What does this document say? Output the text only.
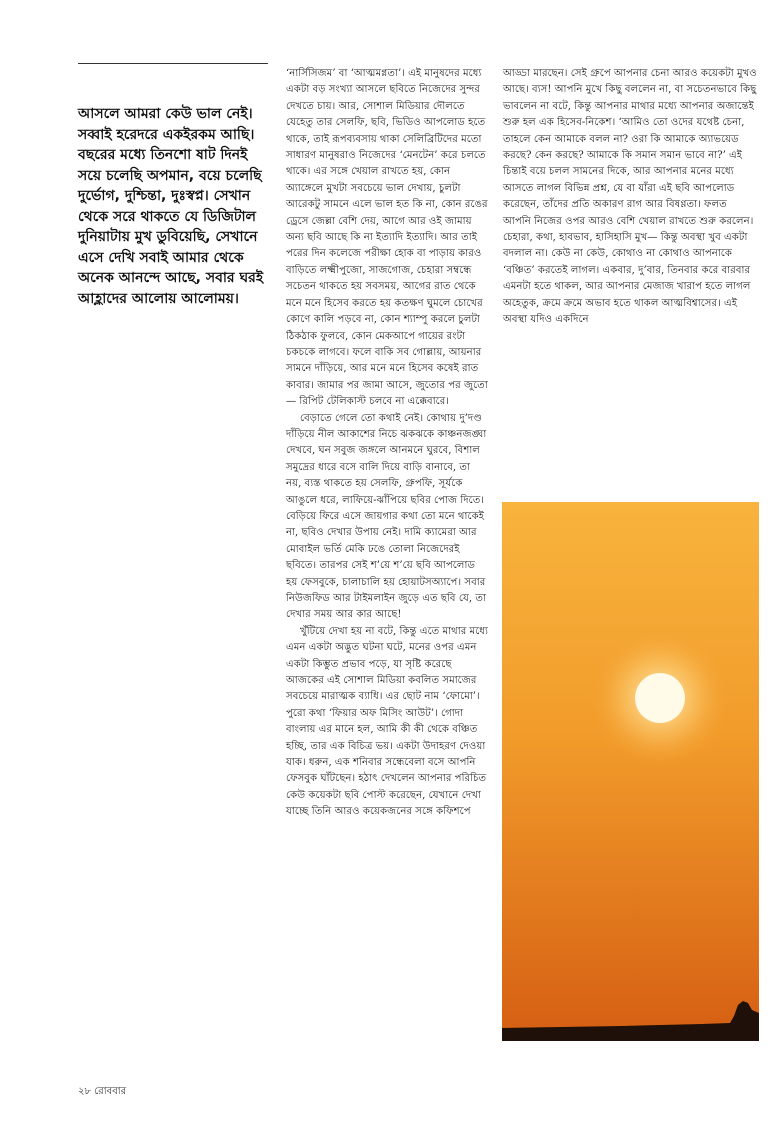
আসলে আমরা কেউ ভাল নেই। সব্বাই হরেদরে একইরকম আছি। বছরের মধ্যে তিনশো ষাট দিনই সয়ে চলেছি অপমান, বয়ে চলেছি দুর্ভোগ, দুশ্চিন্তা, দুঃস্বপ্ন। সেখান থেকে সরে থাকতে যে ডিজিটাল দুনিয়াটায় মুখ ডুবিয়েছি, সেখানে এসে দেখি সবাই আমার থেকে অনেক আনন্দে আছে, সবার ঘরই আহ্লাদের আলোয় আলোময়।

‘নার্সিসিজম’ বা ‘আত্মমগ্নতা’। এই মানুষদের মধ্যে একটা বড় সংখ্যা আসলে ছবিতে নিজেদের সুন্দর দেখতে চায়। আর, সোশাল মিডিয়ার দৌলতে যেহেতু তার সেলফি, ছবি, ভিডিও আপলোড হতে থাকে, তাই রূপব্যবসায় থাকা সেলিব্রিটিদের মতো সাধারণ মানুষরাও নিজেদের ‘মেনটেন’ করে চলতে থাকে। এর সঙ্গে খেয়াল রাখতে হয়, কোন অ্যাঙ্গেলে মুখটা সবচেয়ে ভাল দেখায়, চুলটা আরেকটু সামনে এলে ভাল হত কি না, কোন রঙের ড্রেসে জেল্লা বেশি দেয়, আগে আর ওই জামায় অন্য ছবি আছে কি না ইত্যাদি ইত্যাদি। আর তাই পরের দিন কলেজে পরীক্ষা হোক বা পাড়ায় কারও বাড়িতে লক্ষ্মীপুজো, সাজগোজ, চেহারা সম্বন্ধে সচেতন থাকতে হয় সবসময়, আগের রাত থেকে মনে মনে হিসেব করতে হয় কতক্ষণ ঘুমলে চোখের কোণে কালি পড়বে না, কোন শ্যাম্পু করলে চুলটা ঠিকঠাক ফুলবে, কোন মেকআপে গায়ের রংটা চকচকে লাগবে। ফলে বাকি সব গোল্লায়, আয়নার সামনে দাঁড়িয়ে, আর মনে মনে হিসেব কষেই রাত কাবার। জামার পর জামা আসে, জুতোর পর জুতো— রিপিট টেলিকাস্ট চলবে না এক্কেবারে।

বেড়াতে গেলে তো কথাই নেই। কোথায় দু’দণ্ড দাঁড়িয়ে নীল আকাশের নিচে ঝকঝকে কাঞ্চনজঙ্ঘা দেখবে, ঘন সবুজ জঙ্গলে আনমনে ঘুরবে, বিশাল সমুদ্রের ধারে বসে বালি দিয়ে বাড়ি বানাবে, তা নয়, ব্যস্ত থাকতে হয় সেলফি, গ্রুপফি, সূর্যকে আঙুলে ধরে, লাফিয়ে-ঝাঁপিয়ে ছবির পোজ দিতে। বেড়িয়ে ফিরে এসে জায়গার কথা তো মনে থাকেই না, ছবিও দেখার উপায় নেই। দামি ক্যামেরা আর মোবাইল ভর্তি মেকি ঢঙে তোলা নিজেদেরই ছবিতে। তারপর সেই শ’য়ে শ’য়ে ছবি আপলোড হয় ফেসবুকে, চালাচালি হয় হোয়াটসঅ্যাপে। সবার নিউজফিড আর টাইমলাইন জুড়ে এত ছবি যে, তা দেখার সময় আর কার আছে!

খুঁটিয়ে দেখা হয় না বটে, কিন্তু এতে মাথার মধ্যে এমন একটা অদ্ভুত ঘটনা ঘটে, মনের ওপর এমন একটা কিম্ভুত প্রভাব পড়ে, যা সৃষ্টি করেছে আজকের এই সোশাল মিডিয়া কবলিত সমাজের সবচেয়ে মারাত্মক ব্যাধি। এর ছোট নাম ‘ফোমো’। পুরো কথা ‘ফিয়ার অফ মিসিং আউট’। গোদা বাংলায় এর মানে হল, আমি কী কী থেকে বঞ্চিত হচ্ছি, তার এক বিচিত্র ভয়। একটা উদাহরণ দেওয়া যাক। ধরুন, এক শনিবার সন্ধেবেলা বসে আপনি ফেসবুক ঘাঁটছেন। হঠাৎ দেখলেন আপনার পরিচিত কেউ কয়েকটা ছবি পোস্ট করেছেন, যেখানে দেখা যাচ্ছে তিনি আরও কয়েকজনের সঙ্গে কফিশপে

আড্ডা মারছেন। সেই গ্রুপে আপনার চেনা আরও কয়েকটা মুখও আছে। ব্যস! আপনি মুখে কিছু বললেন না, বা সচেতনভাবে কিছু ভাবলেন না বটে, কিন্তু আপনার মাথার মধ্যে আপনার অজান্তেই শুরু হল এক হিসেব-নিকেশ। ‘আমিও তো ওদের যথেষ্ট চেনা, তাহলে কেন আমাকে বলল না? ওরা কি আমাকে অ্যাভয়েড করছে? কেন করছে? আমাকে কি সমান সমান ভাবে না?’ এই চিন্তাই বয়ে চলল সামনের দিকে, আর আপনার মনের মধ্যে আসতে লাগল বিভিন্ন প্রশ্ন, যে বা যাঁরা এই ছবি আপলোড করেছেন, তাঁদের প্রতি অকারণ রাগ আর বিষণ্ণতা। ফলত আপনি নিজের ওপর আরও বেশি খেয়াল রাখতে শুরু করলেন। চেহারা, কথা, হাবভাব, হাসিহাসি মুখ— কিন্তু অবস্থা খুব একটা বদলাল না। কেউ না কেউ, কোথাও না কোথাও আপনাকে ‘বঞ্চিত’ করতেই লাগল। একবার, দু’বার, তিনবার করে বারবার এমনটা হতে থাকল, আর আপনার মেজাজ খারাপ হতে লাগল অহেতুক, ক্রমে ক্রমে অভাব হতে থাকল আত্মবিশ্বাসের। এই অবস্থা যদিও একদিনে

২৮ রোববার
